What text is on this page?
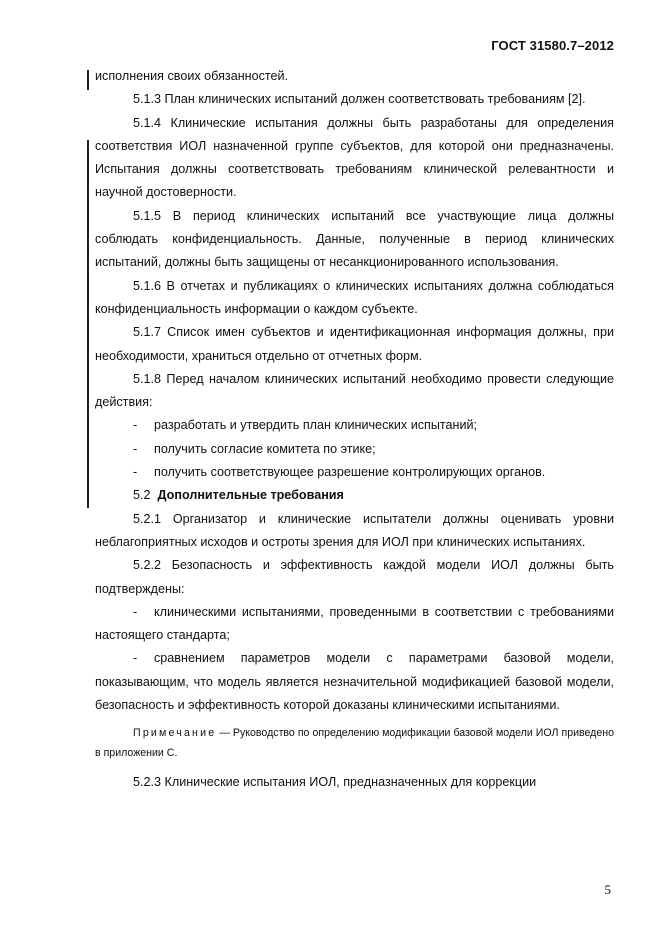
ГОСТ 31580.7–2012

исполнения своих обязанностей.

5.1.3 План клинических испытаний должен соответствовать требованиям [2].

5.1.4 Клинические испытания должны быть разработаны для определения соответствия ИОЛ назначенной группе субъектов, для которой они предназначены. Испытания должны соответствовать требованиям клинической релевантности и научной достоверности.

5.1.5 В период клинических испытаний все участвующие лица должны соблюдать конфиденциальность. Данные, полученные в период клинических испытаний, должны быть защищены от несанкционированного использования.

5.1.6 В отчетах и публикациях о клинических испытаниях должна соблюдаться конфиденциальность информации о каждом субъекте.

5.1.7 Список имен субъектов и идентификационная информация должны, при необходимости, храниться отдельно от отчетных форм.

5.1.8 Перед началом клинических испытаний необходимо провести следующие действия:

- разработать и утвердить план клинических испытаний;

- получить согласие комитета по этике;

- получить соответствующее разрешение контролирующих органов.

5.2 Дополнительные требования

5.2.1 Организатор и клинические испытатели должны оценивать уровни неблагоприятных исходов и остроты зрения для ИОЛ при клинических испытаниях.

5.2.2 Безопасность и эффективность каждой модели ИОЛ должны быть подтверждены:

- клиническими испытаниями, проведенными в соответствии с требованиями настоящего стандарта;

- сравнением параметров модели с параметрами базовой модели, показывающим, что модель является незначительной модификацией базовой модели, безопасность и эффективность которой доказаны клиническими испытаниями.

Примечание — Руководство по определению модификации базовой модели ИОЛ приведено в приложении С.

5.2.3 Клинические испытания ИОЛ, предназначенных для коррекции

5
